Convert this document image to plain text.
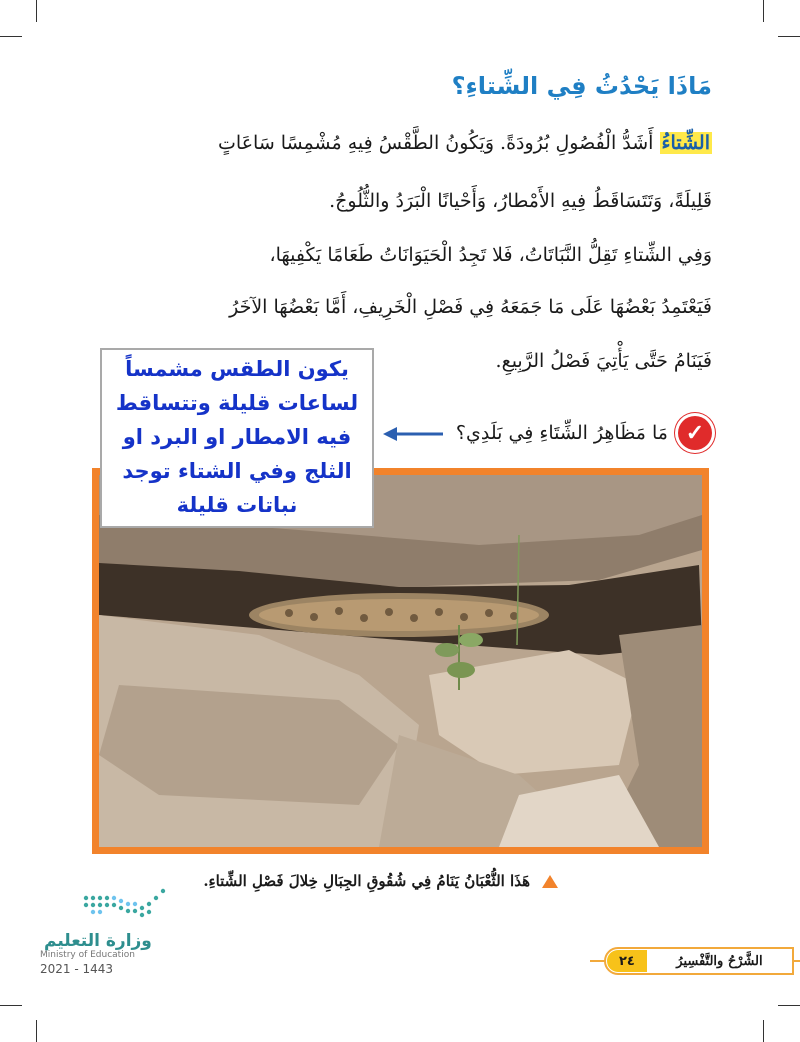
مَاذَا يَحْدُثُ فِي الشِّتاءِ؟
الشِّتاءُ أَشَدُّ الْفُصُولِ بُرُودَةً. وَيَكُونُ الطَّقْسُ فِيهِ مُشْمِسًا سَاعَاتٍ
قَلِيلَةً، وَتَتَسَاقَطُ فِيهِ الأَمْطارُ، وَأَحْيانًا الْبَرَدُ والثُّلُوجُ.
وَفِي الشِّتاءِ تَقِلُّ النَّبَاتَاتُ، فَلا تَجِدُ الْحَيَوَانَاتُ طَعَامًا يَكْفِيهَا،
فَيَعْتَمِدُ بَعْضُهَا عَلَى مَا جَمَعَهُ فِي فَصْلِ الْخَرِيفِ، أَمَّا بَعْضُهَا الآخَرُ
فَيَنَامُ حَتَّى يَأْتِيَ فَصْلُ الرَّبِيعِ.
✓
مَا مَظَاهِرُ الشِّتَاءِ فِي بَلَدِي؟
يكون الطقس مشمساً
لساعات قليلة وتتساقط
فيه الامطار او البرد او
الثلج وفي الشتاء توجد
نباتات قليلة
هَذَا الثُّعْبَانُ يَنَامُ فِي شُقُوقِ الجِبَالِ خِلالَ فَصْلِ الشِّتاءِ.
وزارة التعليم
Ministry of Education
2021 - 1443
الشَّرْحُ والتَّفْسِيرُ
٢٤
